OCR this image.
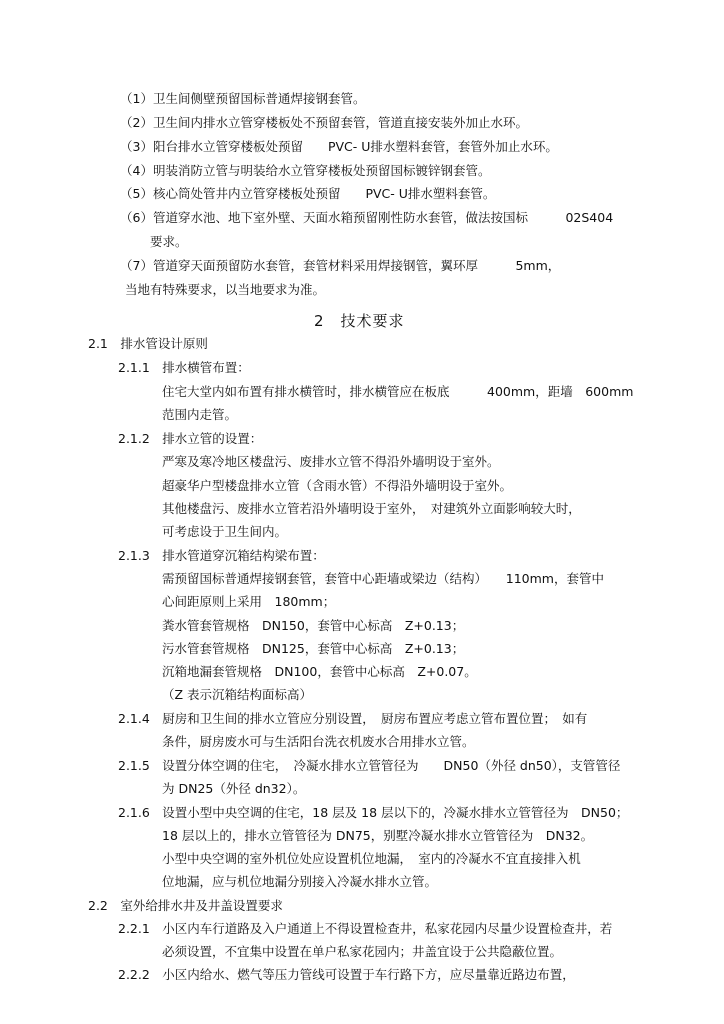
（1）卫生间侧壁预留国标普通焊接钢套管。
（2）卫生间内排水立管穿楼板处不预留套管，管道直接安装外加止水环。
（3）阳台排水立管穿楼板处预留　　PVC- U排水塑料套管，套管外加止水环。
（4）明装消防立管与明装给水立管穿楼板处预留国标镀锌钢套管。
（5）核心筒处管井内立管穿楼板处预留　　PVC- U排水塑料套管。
（6）管道穿水池、地下室外壁、天面水箱预留刚性防水套管，做法按国标　　　02S404
要求。
（7）管道穿天面预留防水套管，套管材料采用焊接钢管，翼环厚　　　5mm，
当地有特殊要求，以当地要求为准。
2　技术要求
2.1　排水管设计原则
2.1.1　排水横管布置：
住宅大堂内如布置有排水横管时，排水横管应在板底　　　400mm，距墙　600mm
范围内走管。
2.1.2　排水立管的设置：
严寒及寒冷地区楼盘污、废排水立管不得沿外墙明设于室外。
超豪华户型楼盘排水立管（含雨水管）不得沿外墙明设于室外。
其他楼盘污、废排水立管若沿外墙明设于室外，　对建筑外立面影响较大时，
可考虑设于卫生间内。
2.1.3　排水管道穿沉箱结构梁布置：
需预留国标普通焊接钢套管，套管中心距墙或梁边（结构）　　110mm，套管中
心间距原则上采用　180mm；
粪水管套管规格　DN150，套管中心标高　Z+0.13；
污水管套管规格　DN125，套管中心标高　Z+0.13；
沉箱地漏套管规格　DN100，套管中心标高　Z+0.07。
（Z 表示沉箱结构面标高）
2.1.4　厨房和卫生间的排水立管应分别设置，　厨房布置应考虑立管布置位置；　如有
条件，厨房废水可与生活阳台洗衣机废水合用排水立管。
2.1.5　设置分体空调的住宅，　冷凝水排水立管管径为　　DN50（外径 dn50），支管管径
为 DN25（外径 dn32）。
2.1.6　设置小型中央空调的住宅，18 层及 18 层以下的，冷凝水排水立管管径为　DN50；
18 层以上的，排水立管管径为 DN75，别墅冷凝水排水立管管径为　DN32。
小型中央空调的室外机位处应设置机位地漏，　室内的冷凝水不宜直接排入机
位地漏，应与机位地漏分别接入冷凝水排水立管。
2.2　室外给排水井及井盖设置要求
2.2.1　小区内车行道路及入户通道上不得设置检查井，私家花园内尽量少设置检查井，若
必须设置，不宜集中设置在单户私家花园内；井盖宜设于公共隐蔽位置。
2.2.2　小区内给水、燃气等压力管线可设置于车行路下方，应尽量靠近路边布置，
